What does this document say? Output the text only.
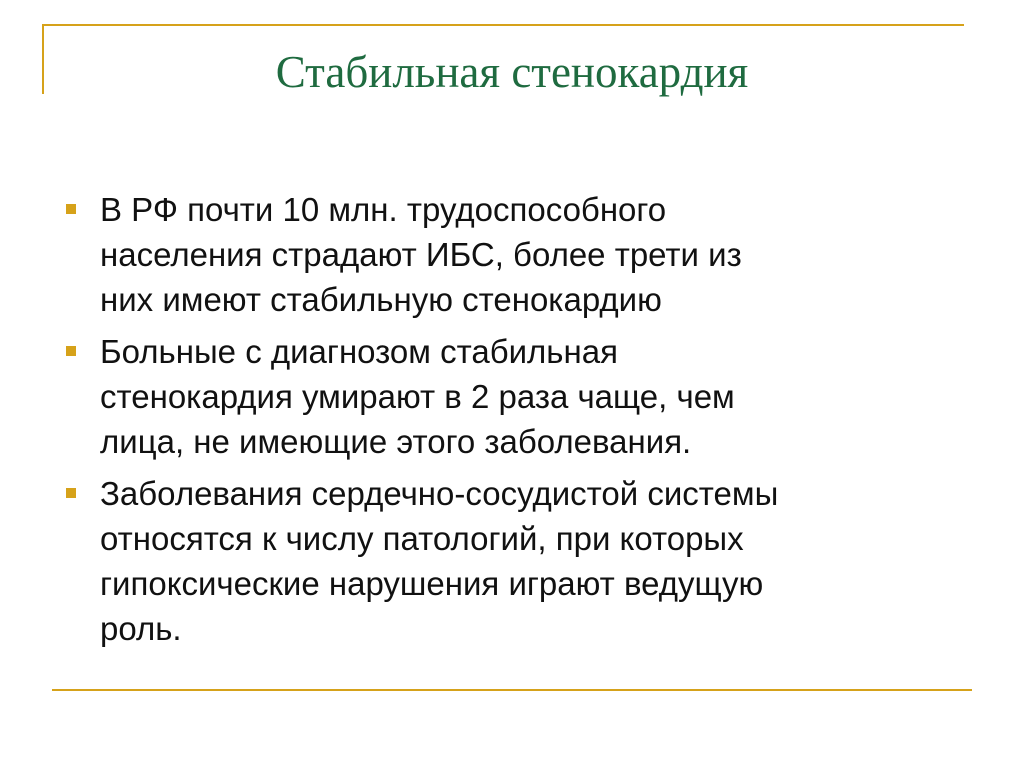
Стабильная стенокардия
В РФ почти 10 млн. трудоспособного
населения страдают ИБС, более трети из
них имеют стабильную стенокардию
Больные с диагнозом стабильная
стенокардия умирают в 2 раза чаще, чем
лица, не имеющие этого заболевания.
Заболевания сердечно-сосудистой системы
относятся к числу патологий, при которых
гипоксические нарушения играют ведущую
роль.
